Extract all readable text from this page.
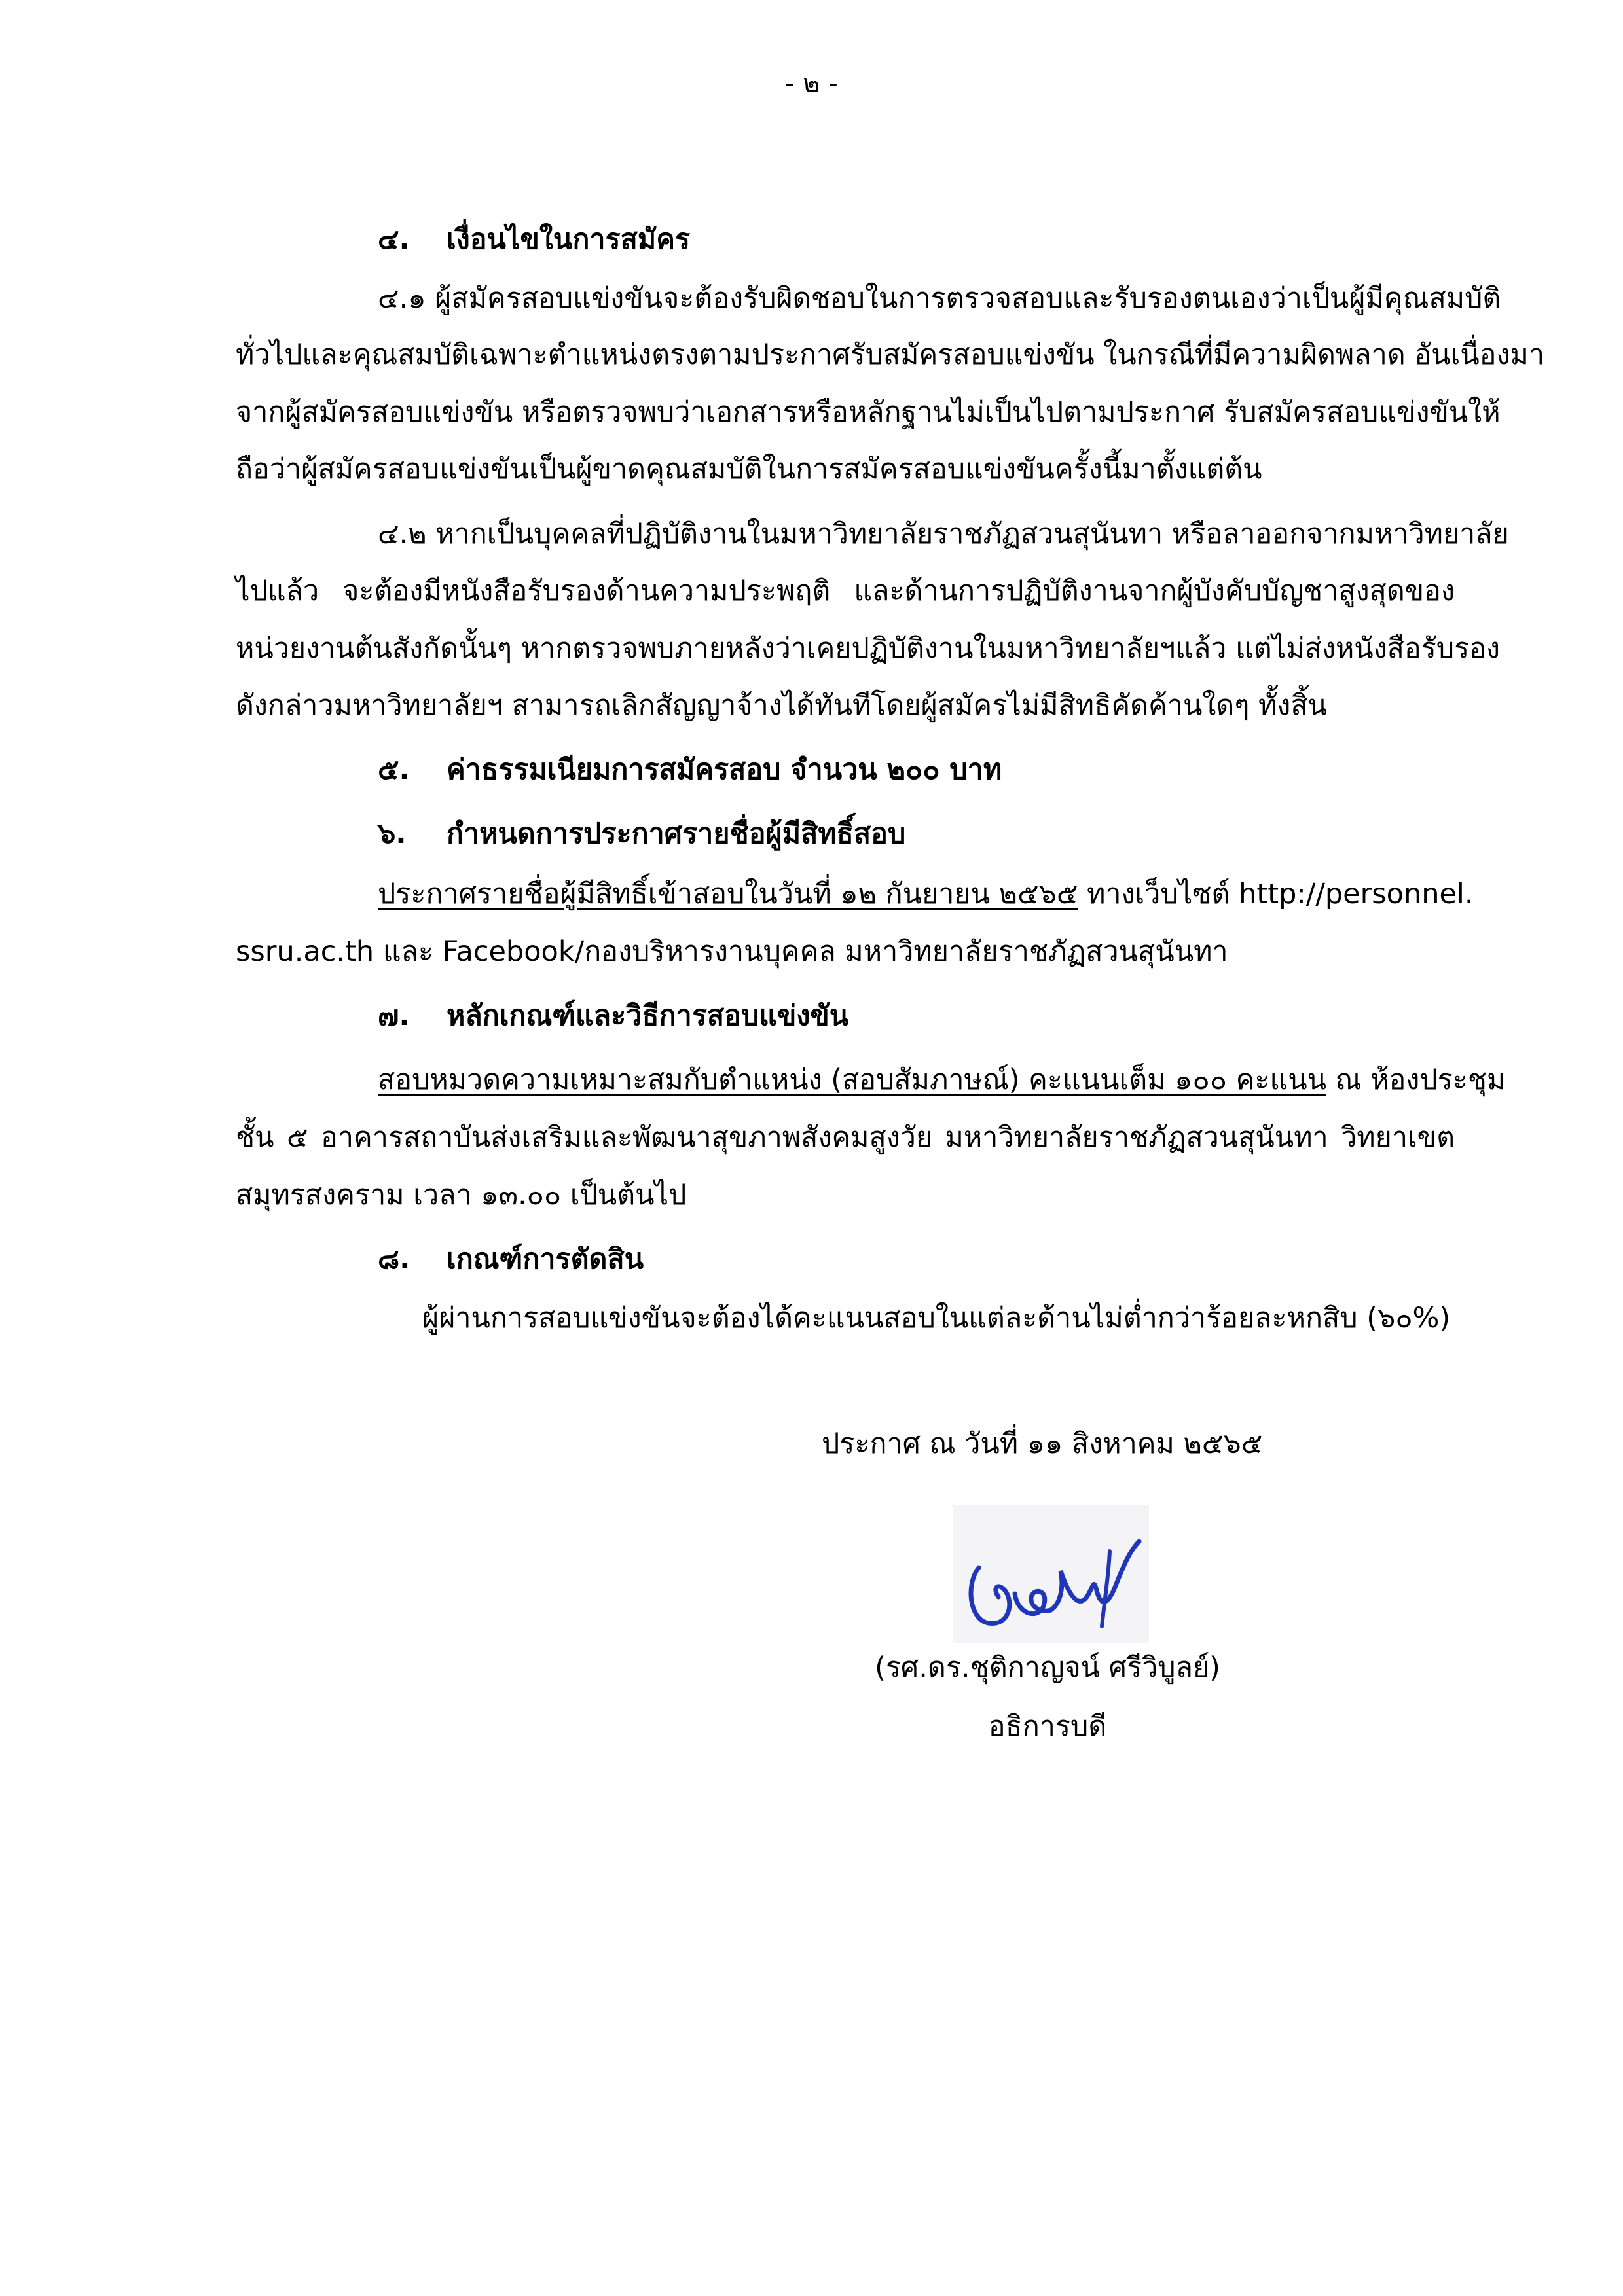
- ๒ -
๔. เงื่อนไขในการสมัคร
๔.๑ ผู้สมัครสอบแข่งขันจะต้องรับผิดชอบในการตรวจสอบและรับรองตนเองว่าเป็นผู้มีคุณสมบัติ
ทั่วไปและคุณสมบัติเฉพาะตำแหน่งตรงตามประกาศรับสมัครสอบแข่งขัน ในกรณีที่มีความผิดพลาด อันเนื่องมา
จากผู้สมัครสอบแข่งขัน หรือตรวจพบว่าเอกสารหรือหลักฐานไม่เป็นไปตามประกาศ รับสมัครสอบแข่งขันให้
ถือว่าผู้สมัครสอบแข่งขันเป็นผู้ขาดคุณสมบัติในการสมัครสอบแข่งขันครั้งนี้มาตั้งแต่ต้น
๔.๒ หากเป็นบุคคลที่ปฏิบัติงานในมหาวิทยาลัยราชภัฏสวนสุนันทา หรือลาออกจากมหาวิทยาลัย
ไปแล้ว จะต้องมีหนังสือรับรองด้านความประพฤติ และด้านการปฏิบัติงานจากผู้บังคับบัญชาสูงสุดของ
หน่วยงานต้นสังกัดนั้นๆ หากตรวจพบภายหลังว่าเคยปฏิบัติงานในมหาวิทยาลัยฯแล้ว แต่ไม่ส่งหนังสือรับรอง
ดังกล่าวมหาวิทยาลัยฯ สามารถเลิกสัญญาจ้างได้ทันทีโดยผู้สมัครไม่มีสิทธิคัดค้านใดๆ ทั้งสิ้น
๕. ค่าธรรมเนียมการสมัครสอบ จำนวน ๒๐๐ บาท
๖. กำหนดการประกาศรายชื่อผู้มีสิทธิ์สอบ
ประกาศรายชื่อผู้มีสิทธิ์เข้าสอบในวันที่ ๑๒ กันยายน ๒๕๖๕ ทางเว็บไซต์ http://personnel.
ssru.ac.th และ Facebook/กองบริหารงานบุคคล มหาวิทยาลัยราชภัฏสวนสุนันทา
๗. หลักเกณฑ์และวิธีการสอบแข่งขัน
สอบหมวดความเหมาะสมกับตำแหน่ง (สอบสัมภาษณ์) คะแนนเต็ม ๑๐๐ คะแนน ณ ห้องประชุม
ชั้น ๕ อาคารสถาบันส่งเสริมและพัฒนาสุขภาพสังคมสูงวัย มหาวิทยาลัยราชภัฏสวนสุนันทา วิทยาเขต
สมุทรสงคราม เวลา ๑๓.๐๐ เป็นต้นไป
๘. เกณฑ์การตัดสิน
ผู้ผ่านการสอบแข่งขันจะต้องได้คะแนนสอบในแต่ละด้านไม่ต่ำกว่าร้อยละหกสิบ (๖๐%)
ประกาศ ณ วันที่ ๑๑ สิงหาคม ๒๕๖๕
(รศ.ดร.ชุติกาญจน์ ศรีวิบูลย์)
อธิการบดี
